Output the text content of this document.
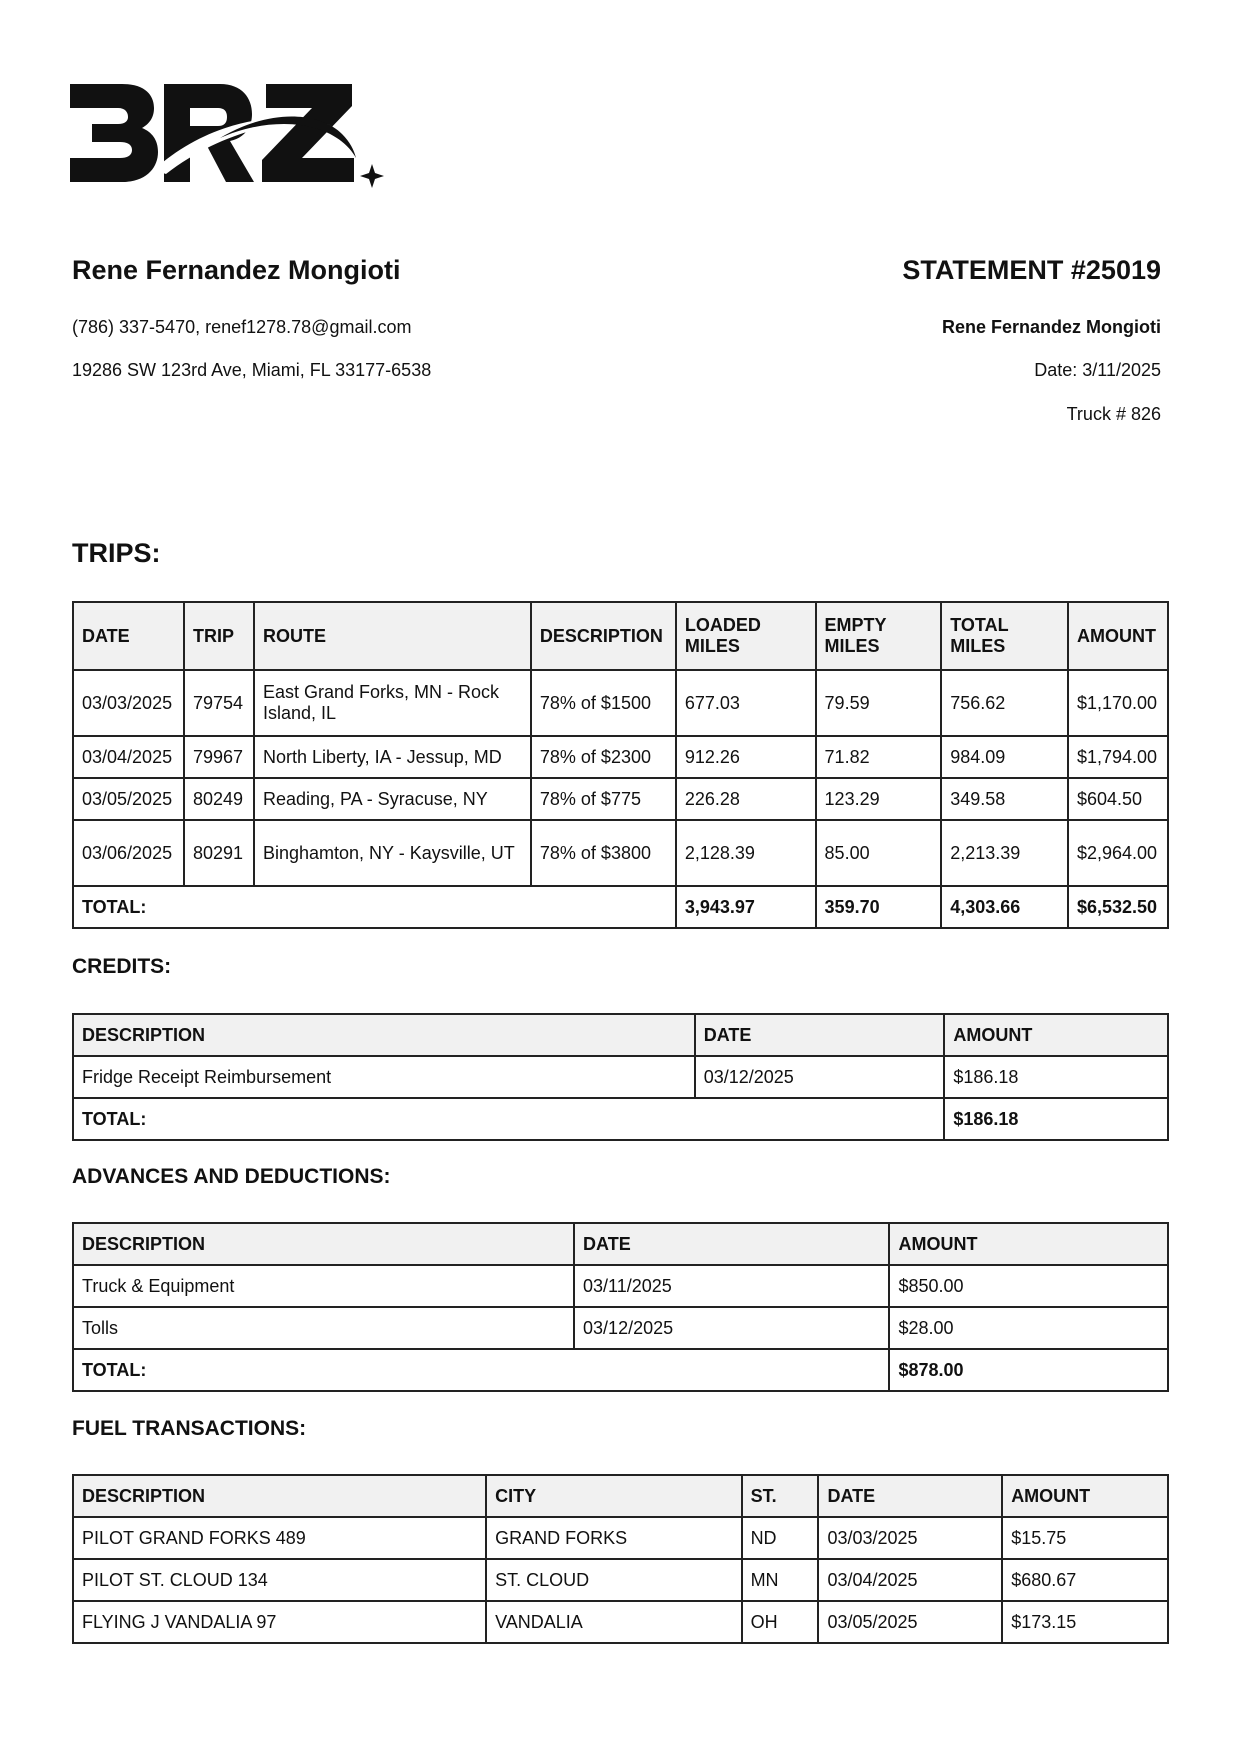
Rene Fernandez Mongioti
(786) 337-5470, renef1278.78@gmail.com
19286 SW 123rd Ave, Miami, FL 33177-6538
STATEMENT #25019
Rene Fernandez Mongioti
Date: 3/11/2025
Truck # 826
TRIPS:
DATE	TRIP	ROUTE	DESCRIPTION	LOADED MILES	EMPTY MILES	TOTAL MILES	AMOUNT
03/03/2025	79754	East Grand Forks, MN - Rock Island, IL	78% of $1500	677.03	79.59	756.62	$1,170.00
03/04/2025	79967	North Liberty, IA - Jessup, MD	78% of $2300	912.26	71.82	984.09	$1,794.00
03/05/2025	80249	Reading, PA - Syracuse, NY	78% of $775	226.28	123.29	349.58	$604.50
03/06/2025	80291	Binghamton, NY - Kaysville, UT	78% of $3800	2,128.39	85.00	2,213.39	$2,964.00
TOTAL:				3,943.97	359.70	4,303.66	$6,532.50
CREDITS:
DESCRIPTION	DATE	AMOUNT
Fridge Receipt Reimbursement	03/12/2025	$186.18
TOTAL:		$186.18
ADVANCES AND DEDUCTIONS:
DESCRIPTION	DATE	AMOUNT
Truck & Equipment	03/11/2025	$850.00
Tolls	03/12/2025	$28.00
TOTAL:		$878.00
FUEL TRANSACTIONS:
DESCRIPTION	CITY	ST.	DATE	AMOUNT
PILOT GRAND FORKS 489	GRAND FORKS	ND	03/03/2025	$15.75
PILOT ST. CLOUD 134	ST. CLOUD	MN	03/04/2025	$680.67
FLYING J VANDALIA 97	VANDALIA	OH	03/05/2025	$173.15
